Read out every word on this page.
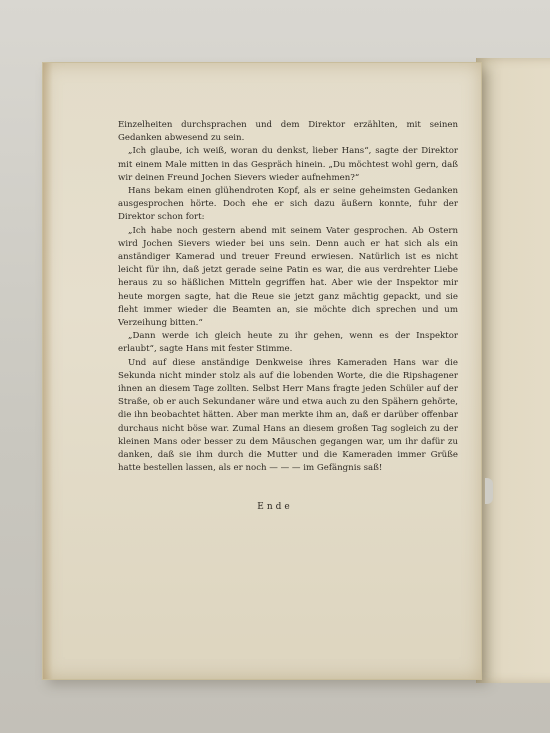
Einzelheiten durchsprachen und dem Direktor erzählten, mit seinen Gedanken abwesend zu sein.

„Ich glaube, ich weiß, woran du denkst, lieber Hans“, sagte der Direktor mit einem Male mitten in das Gespräch hinein. „Du möchtest wohl gern, daß wir deinen Freund Jochen Sievers wieder aufnehmen?“

Hans bekam einen glühendroten Kopf, als er seine geheimsten Gedanken ausgesprochen hörte. Doch ehe er sich dazu äußern konnte, fuhr der Direktor schon fort:

„Ich habe noch gestern abend mit seinem Vater gesprochen. Ab Ostern wird Jochen Sievers wieder bei uns sein. Denn auch er hat sich als ein anständiger Kamerad und treuer Freund erwiesen. Natürlich ist es nicht leicht für ihn, daß jetzt gerade seine Patin es war, die aus verdrehter Liebe heraus zu so häßlichen Mitteln gegriffen hat. Aber wie der Inspektor mir heute morgen sagte, hat die Reue sie jetzt ganz mächtig gepackt, und sie fleht immer wieder die Beamten an, sie möchte dich sprechen und um Verzeihung bitten.“

„Dann werde ich gleich heute zu ihr gehen, wenn es der Inspektor erlaubt“, sagte Hans mit fester Stimme.

Und auf diese anständige Denkweise ihres Kameraden Hans war die Sekunda nicht minder stolz als auf die lobenden Worte, die die Ripshagener ihnen an diesem Tage zollten. Selbst Herr Mans fragte jeden Schüler auf der Straße, ob er auch Sekundaner wäre und etwa auch zu den Spähern gehörte, die ihn beobachtet hätten. Aber man merkte ihm an, daß er darüber offenbar durchaus nicht böse war. Zumal Hans an diesem großen Tag sogleich zu der kleinen Mans oder besser zu dem Mäuschen gegangen war, um ihr dafür zu danken, daß sie ihm durch die Mutter und die Kameraden immer Grüße hatte bestellen lassen, als er noch — — — im Gefängnis saß!

Ende
